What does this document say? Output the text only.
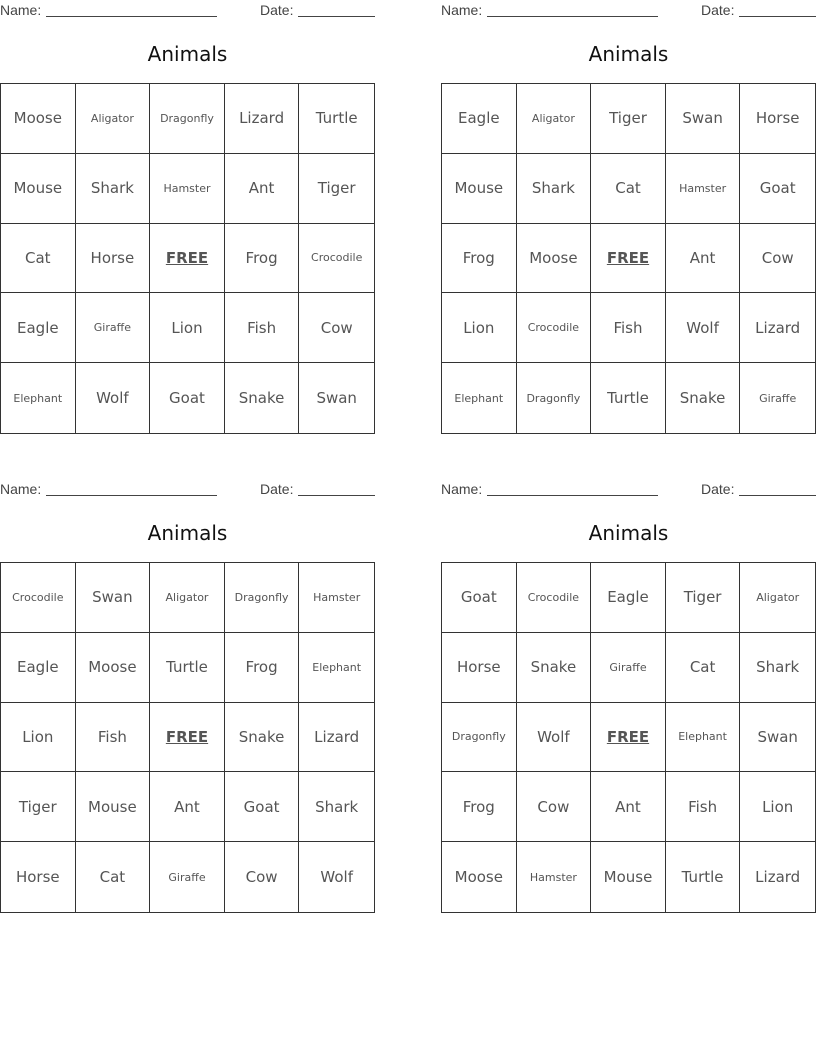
Name:	Date:
Animals
Moose	Aligator	Dragonfly	Lizard	Turtle
Mouse	Shark	Hamster	Ant	Tiger
Cat	Horse	FREE	Frog	Crocodile
Eagle	Giraffe	Lion	Fish	Cow
Elephant	Wolf	Goat	Snake	Swan
Name:	Date:
Animals
Eagle	Aligator	Tiger	Swan	Horse
Mouse	Shark	Cat	Hamster	Goat
Frog	Moose	FREE	Ant	Cow
Lion	Crocodile	Fish	Wolf	Lizard
Elephant	Dragonfly	Turtle	Snake	Giraffe
Name:	Date:
Animals
Crocodile	Swan	Aligator	Dragonfly	Hamster
Eagle	Moose	Turtle	Frog	Elephant
Lion	Fish	FREE	Snake	Lizard
Tiger	Mouse	Ant	Goat	Shark
Horse	Cat	Giraffe	Cow	Wolf
Name:	Date:
Animals
Goat	Crocodile	Eagle	Tiger	Aligator
Horse	Snake	Giraffe	Cat	Shark
Dragonfly	Wolf	FREE	Elephant	Swan
Frog	Cow	Ant	Fish	Lion
Moose	Hamster	Mouse	Turtle	Lizard
